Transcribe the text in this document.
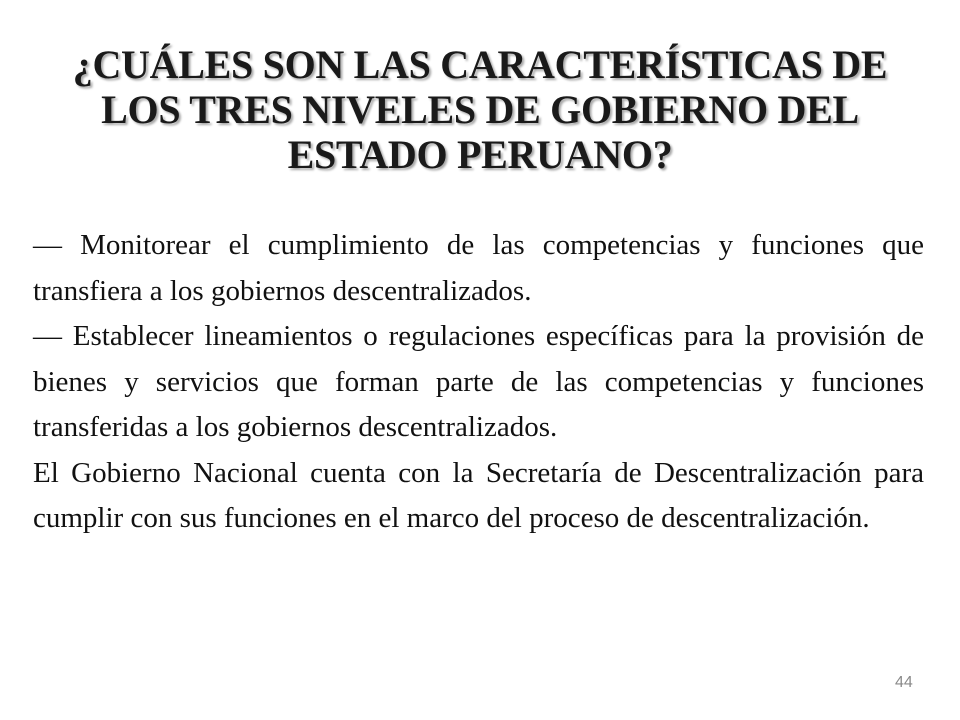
¿CUÁLES SON LAS CARACTERÍSTICAS DE LOS TRES NIVELES DE GOBIERNO DEL ESTADO PERUANO?

— Monitorear el cumplimiento de las competencias y funciones que transfiera a los gobiernos descentralizados.

— Establecer lineamientos o regulaciones específicas para la provisión de bienes y servicios que forman parte de las competencias y funciones transferidas a los gobiernos descentralizados.

El Gobierno Nacional cuenta con la Secretaría de Descentralización para cumplir con sus funciones en el marco del proceso de descentralización.

44
